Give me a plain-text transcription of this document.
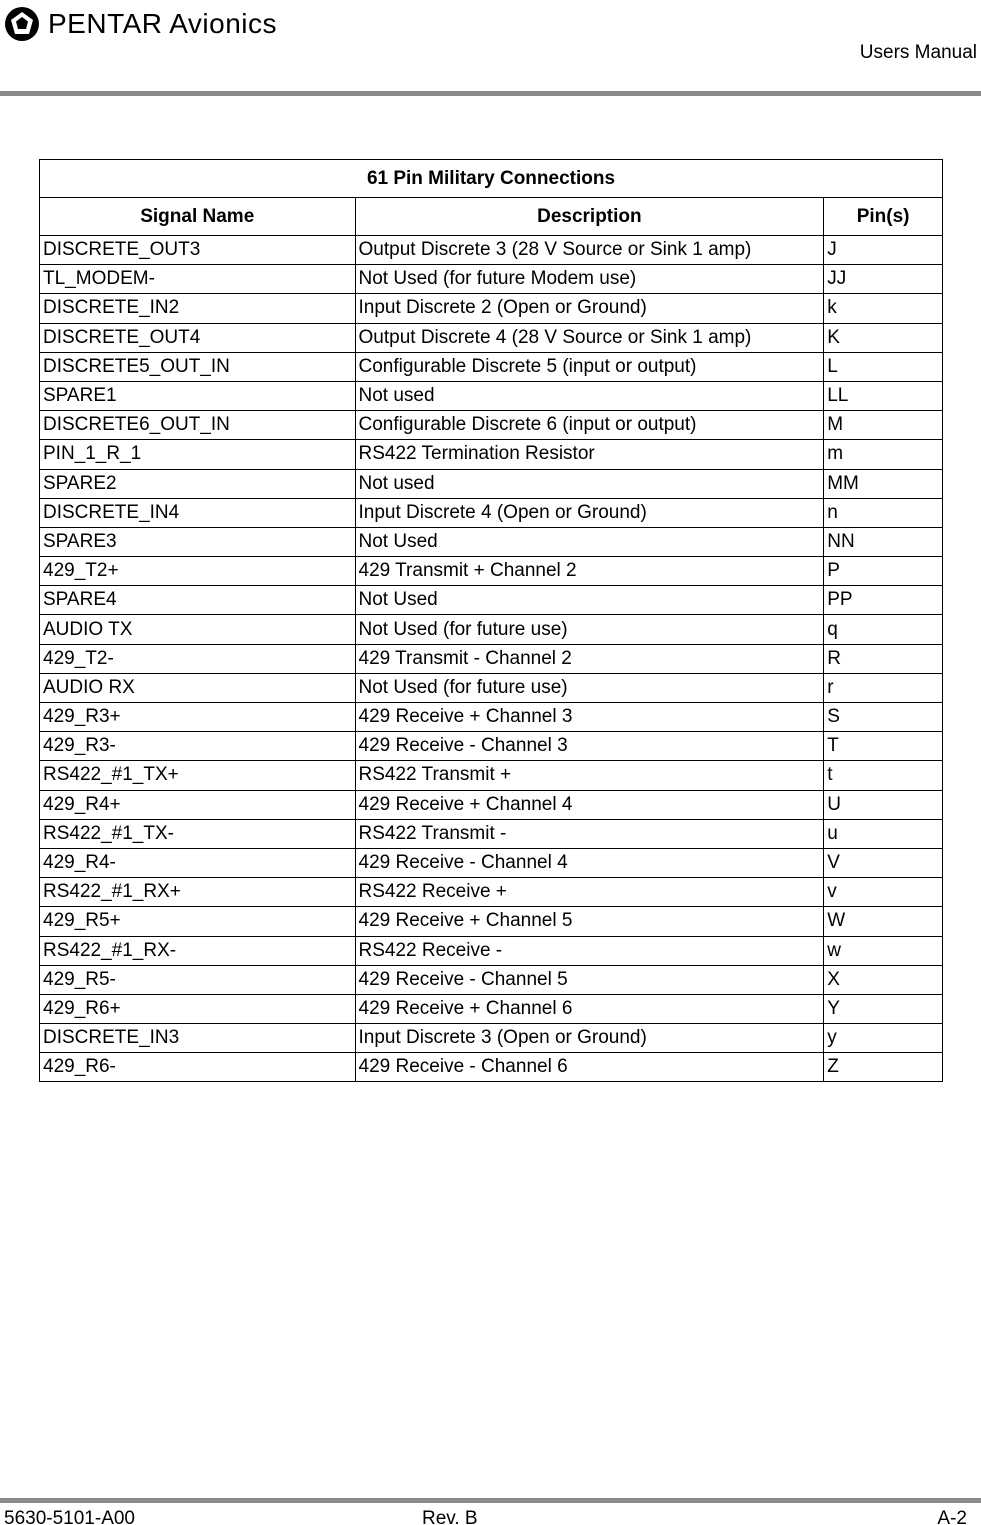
PENTAR Avionics
Users Manual
61 Pin Military Connections		
Signal Name	Description	Pin(s)
DISCRETE_OUT3	Output Discrete 3 (28 V Source or Sink 1 amp)	J
TL_MODEM-	Not Used (for future Modem use)	JJ
DISCRETE_IN2	Input Discrete 2 (Open or Ground)	k
DISCRETE_OUT4	Output Discrete 4 (28 V Source or Sink 1 amp)	K
DISCRETE5_OUT_IN	Configurable Discrete 5 (input or output)	L
SPARE1	Not used	LL
DISCRETE6_OUT_IN	Configurable Discrete 6 (input or output)	M
PIN_1_R_1	RS422 Termination Resistor	m
SPARE2	Not used	MM
DISCRETE_IN4	Input Discrete 4 (Open or Ground)	n
SPARE3	Not Used	NN
429_T2+	429 Transmit + Channel 2	P
SPARE4	Not Used	PP
AUDIO TX	Not Used (for future use)	q
429_T2-	429 Transmit - Channel 2	R
AUDIO RX	Not Used (for future use)	r
429_R3+	429 Receive + Channel 3	S
429_R3-	429 Receive - Channel 3	T
RS422_#1_TX+	RS422 Transmit +	t
429_R4+	429 Receive + Channel 4	U
RS422_#1_TX-	RS422 Transmit -	u
429_R4-	429 Receive - Channel 4	V
RS422_#1_RX+	RS422 Receive +	v
429_R5+	429 Receive + Channel 5	W
RS422_#1_RX-	RS422 Receive -	w
429_R5-	429 Receive - Channel 5	X
429_R6+	429 Receive + Channel 6	Y
DISCRETE_IN3	Input Discrete 3 (Open or Ground)	y
429_R6-	429 Receive - Channel 6	Z
5630-5101-A00	Rev. B	A-2
